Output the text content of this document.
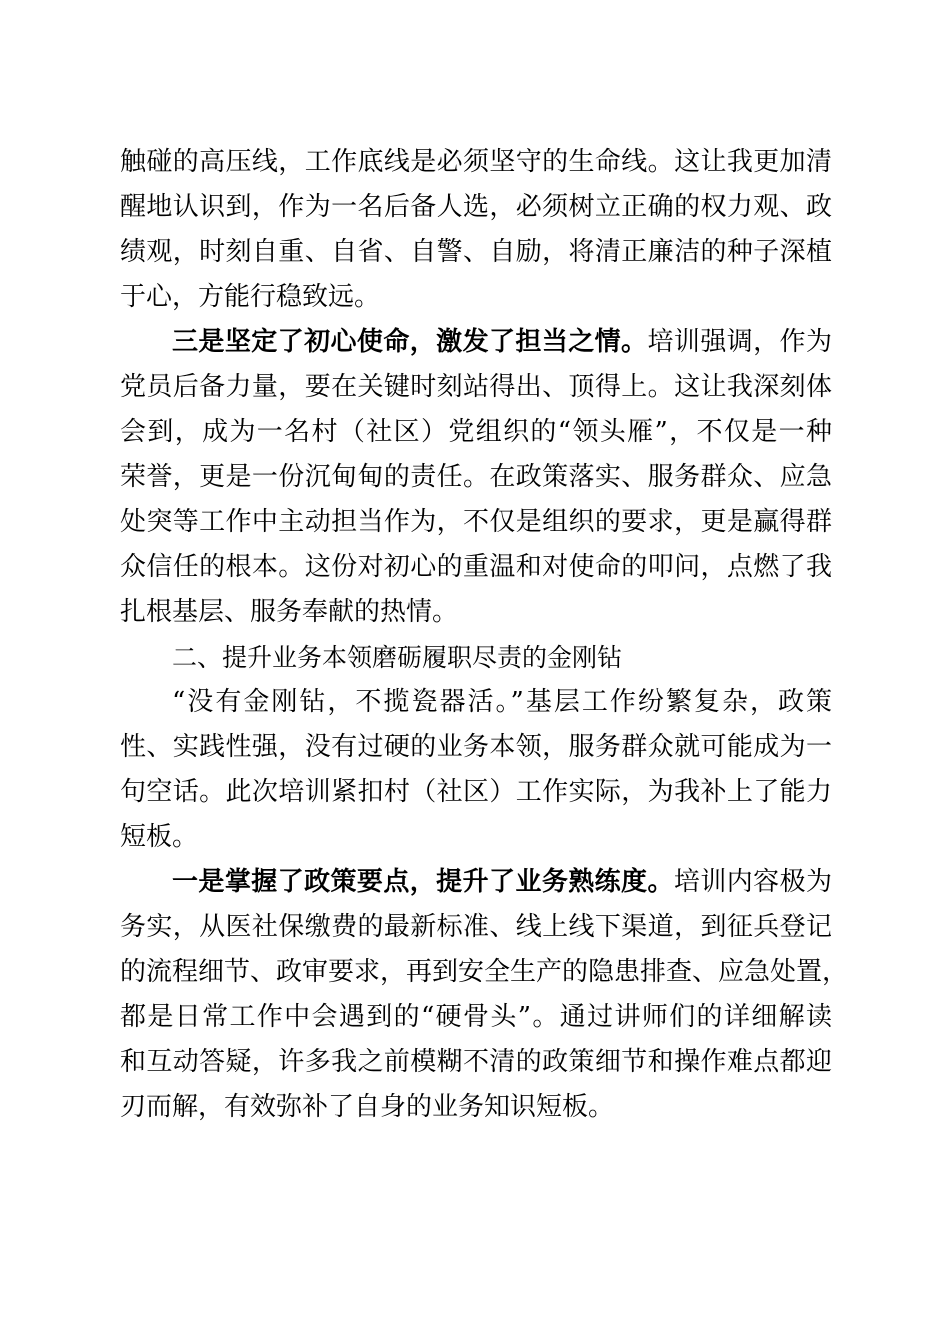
触碰的高压线，工作底线是必须坚守的生命线。这让我更加清
醒地认识到，作为一名后备人选，必须树立正确的权力观、政
绩观，时刻自重、自省、自警、自励，将清正廉洁的种子深植
于心，方能行稳致远。
三是坚定了初心使命，激发了担当之情。培训强调，作为
党员后备力量，要在关键时刻站得出、顶得上。这让我深刻体
会到，成为一名村（社区）党组织的“领头雁”，不仅是一种
荣誉，更是一份沉甸甸的责任。在政策落实、服务群众、应急
处突等工作中主动担当作为，不仅是组织的要求，更是赢得群
众信任的根本。这份对初心的重温和对使命的叩问，点燃了我
扎根基层、服务奉献的热情。
二、提升业务本领磨砺履职尽责的金刚钻
“没有金刚钻，不揽瓷器活。”基层工作纷繁复杂，政策
性、实践性强，没有过硬的业务本领，服务群众就可能成为一
句空话。此次培训紧扣村（社区）工作实际，为我补上了能力
短板。
一是掌握了政策要点，提升了业务熟练度。培训内容极为
务实，从医社保缴费的最新标准、线上线下渠道，到征兵登记
的流程细节、政审要求，再到安全生产的隐患排查、应急处置，
都是日常工作中会遇到的“硬骨头”。通过讲师们的详细解读
和互动答疑，许多我之前模糊不清的政策细节和操作难点都迎
刃而解，有效弥补了自身的业务知识短板。
